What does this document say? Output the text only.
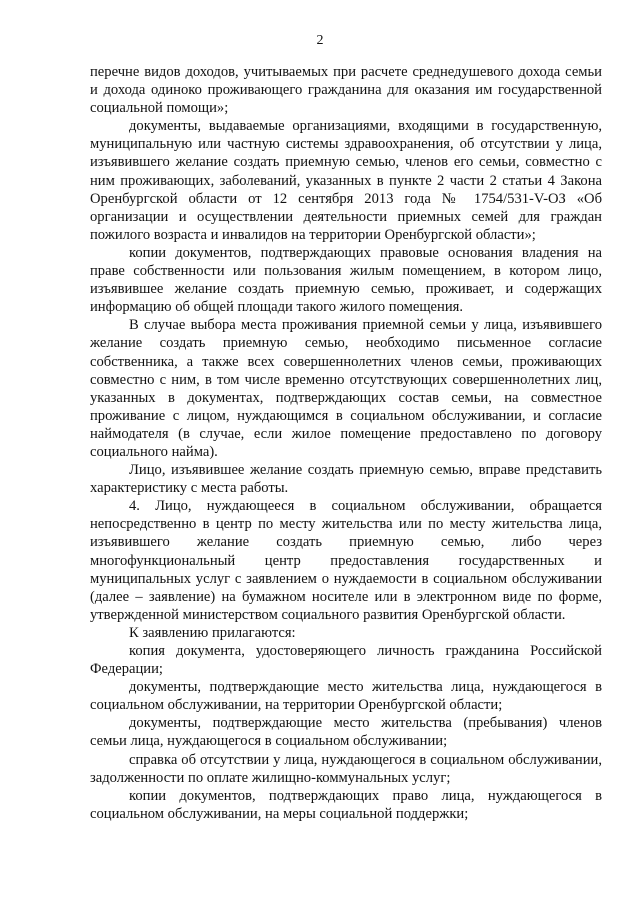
2

перечне видов доходов, учитываемых при расчете среднедушевого дохода семьи и дохода одиноко проживающего гражданина для оказания им государственной социальной помощи»;

документы, выдаваемые организациями, входящими в государственную, муниципальную или частную системы здравоохранения, об отсутствии у лица, изъявившего желание создать приемную семью, членов его семьи, совместно с ним проживающих, заболеваний, указанных в пункте 2 части 2 статьи 4 Закона Оренбургской области от 12 сентября 2013 года № 1754/531-V-ОЗ «Об организации и осуществлении деятельности приемных семей для граждан пожилого возраста и инвалидов на территории Оренбургской области»;

копии документов, подтверждающих правовые основания владения на праве собственности или пользования жилым помещением, в котором лицо, изъявившее желание создать приемную семью, проживает, и содержащих информацию об общей площади такого жилого помещения.

В случае выбора места проживания приемной семьи у лица, изъявившего желание создать приемную семью, необходимо письменное согласие собственника, а также всех совершеннолетних членов семьи, проживающих совместно с ним, в том числе временно отсутствующих совершеннолетних лиц, указанных в документах, подтверждающих состав семьи, на совместное проживание с лицом, нуждающимся в социальном обслуживании, и согласие наймодателя (в случае, если жилое помещение предоставлено по договору социального найма).

Лицо, изъявившее желание создать приемную семью, вправе представить характеристику с места работы.

4. Лицо, нуждающееся в социальном обслуживании, обращается непосредственно в центр по месту жительства или по месту жительства лица, изъявившего желание создать приемную семью, либо через многофункциональный центр предоставления государственных и муниципальных услуг с заявлением о нуждаемости в социальном обслуживании (далее – заявление) на бумажном носителе или в электронном виде по форме, утвержденной министерством социального развития Оренбургской области.

К заявлению прилагаются:

копия документа, удостоверяющего личность гражданина Российской Федерации;

документы, подтверждающие место жительства лица, нуждающегося в социальном обслуживании, на территории Оренбургской области;

документы, подтверждающие место жительства (пребывания) членов семьи лица, нуждающегося в социальном обслуживании;

справка об отсутствии у лица, нуждающегося в социальном обслуживании, задолженности по оплате жилищно-коммунальных услуг;

копии документов, подтверждающих право лица, нуждающегося в социальном обслуживании, на меры социальной поддержки;
